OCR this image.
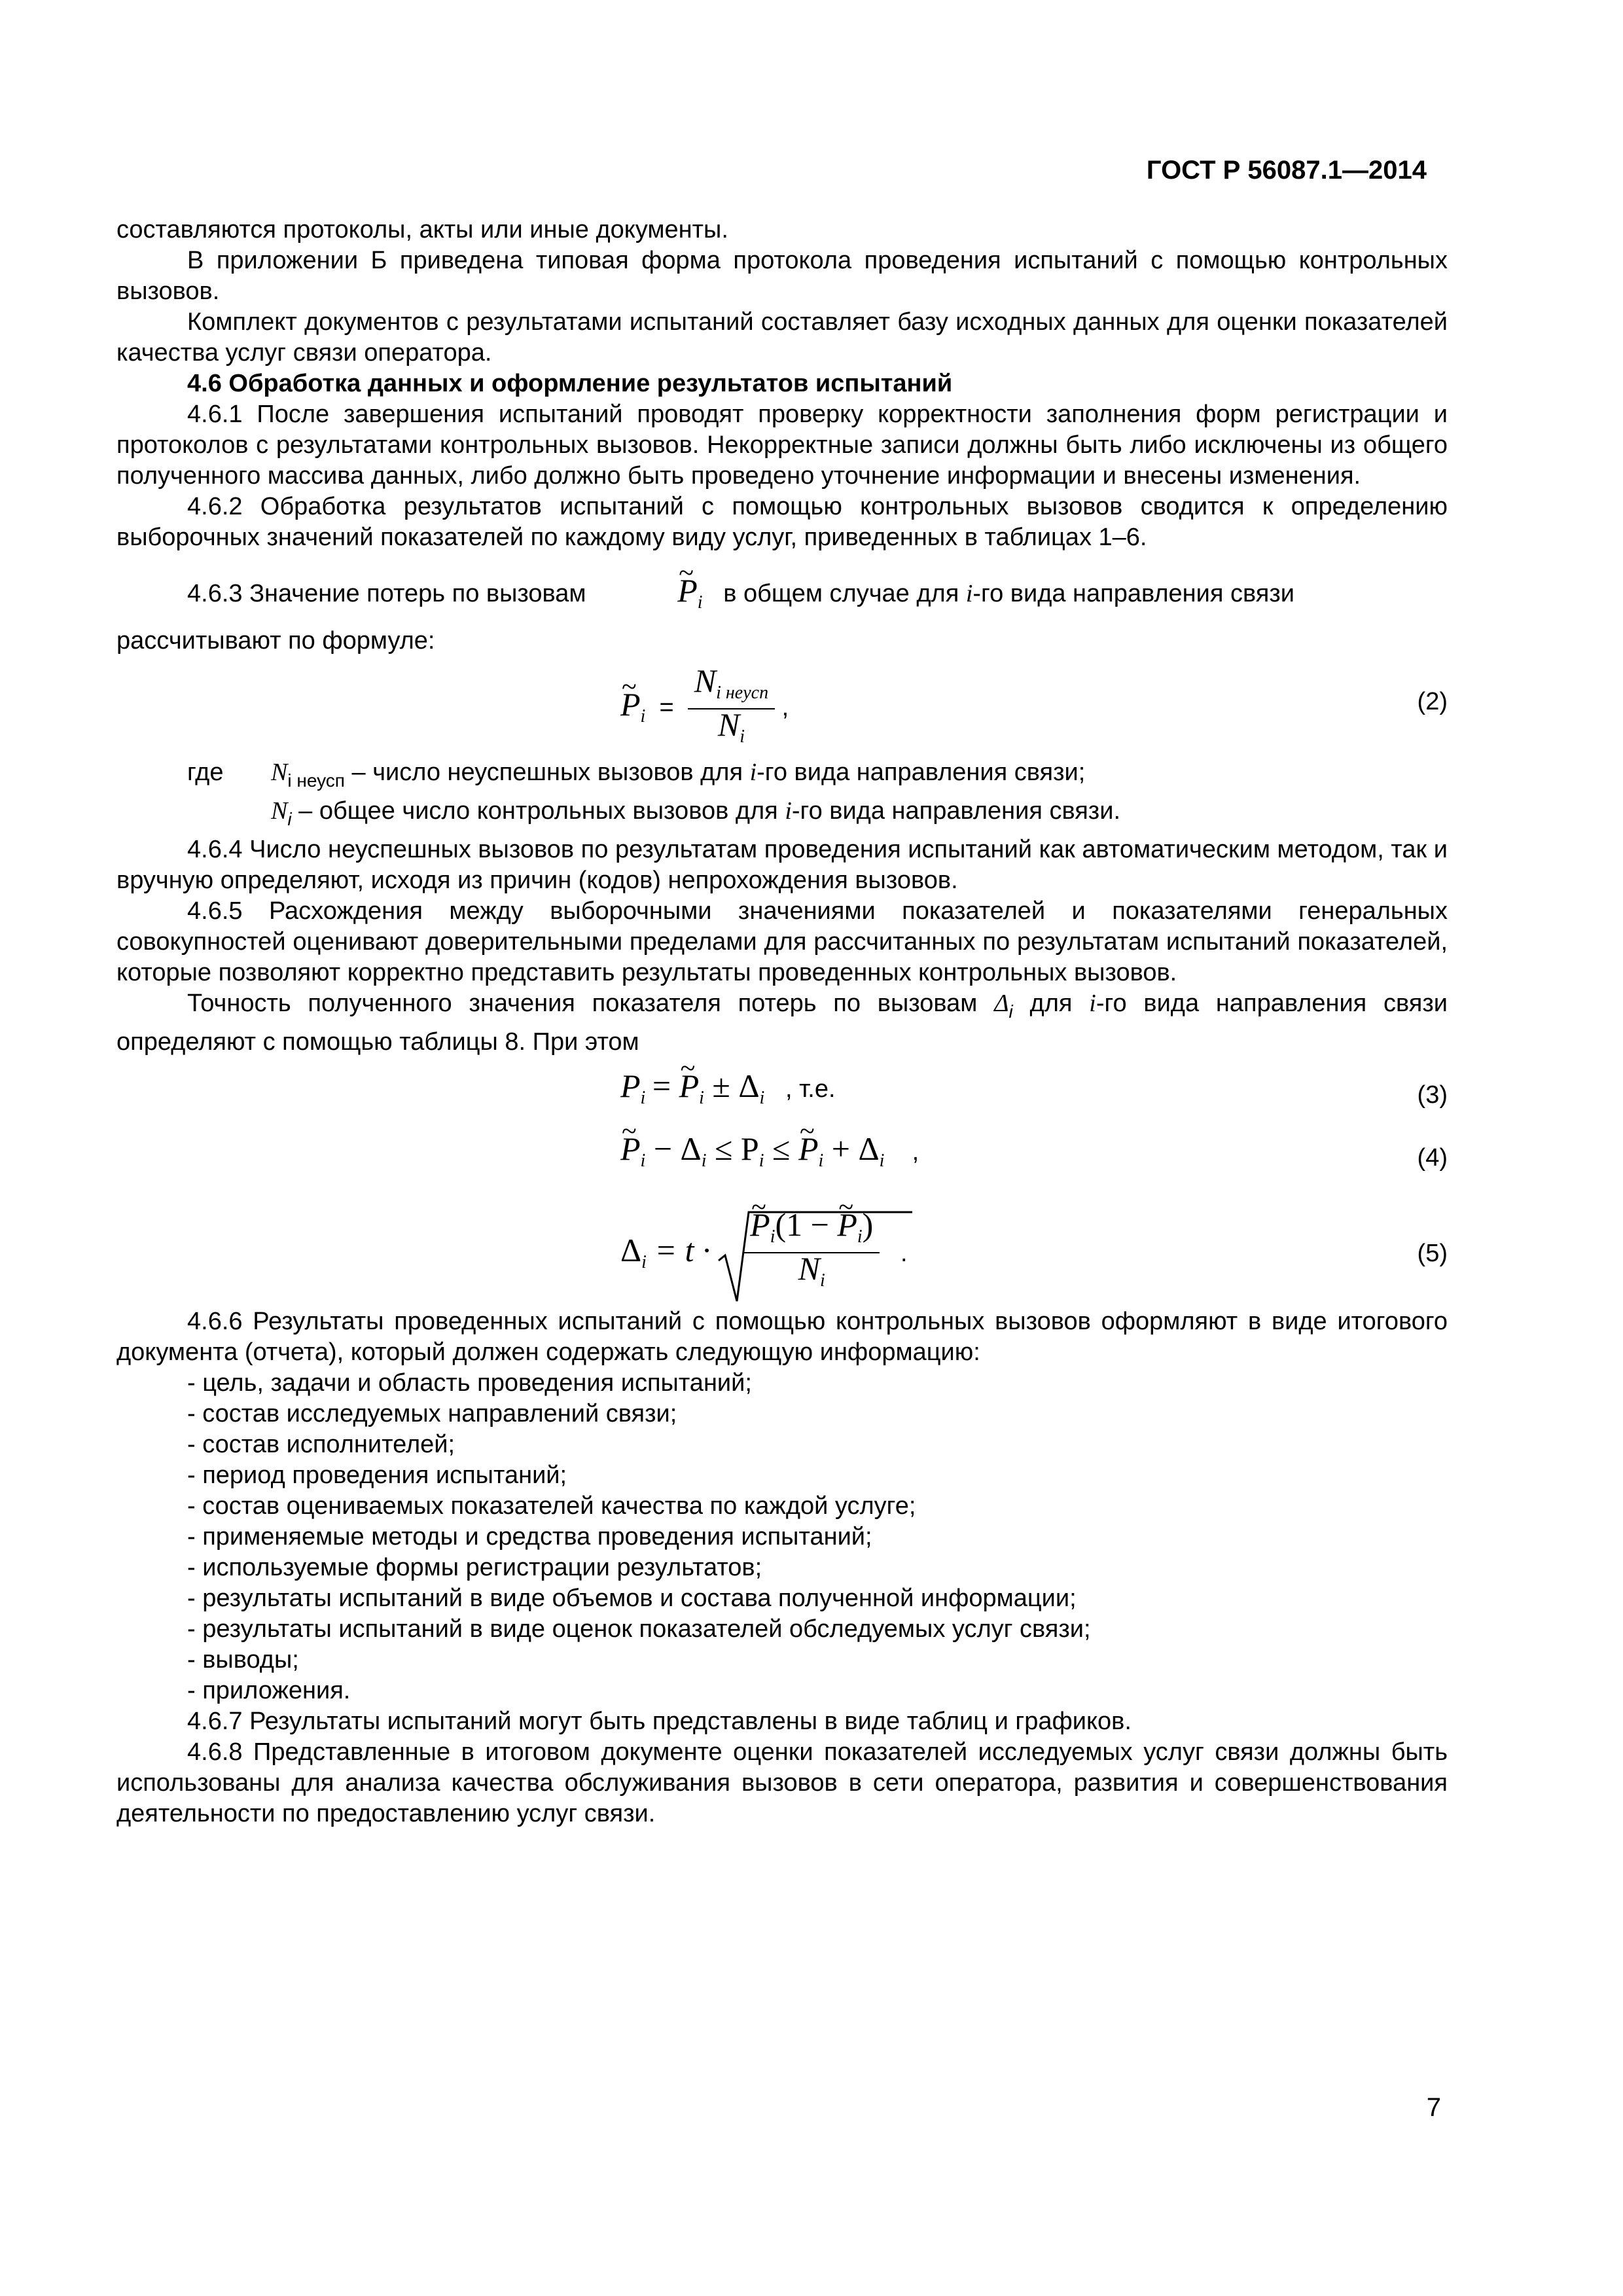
ГОСТ Р 56087.1—2014

составляются протоколы, акты или иные документы.

В приложении Б приведена типовая форма протокола проведения испытаний с помощью контрольных вызовов.

Комплект документов с результатами испытаний составляет базу исходных данных для оценки показателей качества услуг связи оператора.

4.6 Обработка данных и оформление результатов испытаний

4.6.1 После завершения испытаний проводят проверку корректности заполнения форм регистрации и протоколов с результатами контрольных вызовов. Некорректные записи должны быть либо исключены из общего полученного массива данных, либо должно быть проведено уточнение информации и внесены изменения.

4.6.2 Обработка результатов испытаний с помощью контрольных вызовов сводится к определению выборочных значений показателей по каждому виду услуг, приведенных в таблицах 1–6.

4.6.3 Значение потерь по вызовам	~ $P_i$ в общем случае для i-го вида направления связи

рассчитывают по формуле:

~ $P_i = \frac{N_{i неусп}}{N_i}$ ,	(2)

где $N_{i неусп}$ – число неуспешных вызовов для i-го вида направления связи;

$N_i$ – общее число контрольных вызовов для i-го вида направления связи.

4.6.4 Число неуспешных вызовов по результатам проведения испытаний как автоматическим методом, так и вручную определяют, исходя из причин (кодов) непрохождения вызовов.

4.6.5 Расхождения между выборочными значениями показателей и показателями генеральных совокупностей оценивают доверительными пределами для рассчитанных по результатам испытаний показателей, которые позволяют корректно представить результаты проведенных контрольных вызовов.

Точность полученного значения показателя потерь по вызовам $\Delta_i$ для i-го вида направления связи определяют с помощью таблицы 8. При этом

$P_i$ = ~ $P_i \pm \Delta_i$ , т.е.	(3)
~ $P_i - \Delta_i \le P_i$ ≤ ~ $P_i + \Delta_i$ ,	(4)
$\Delta_i = t$ · ~ $\frac{P_i(1 - \sim P_i)}{N_i}$ .	(5)

4.6.6 Результаты проведенных испытаний с помощью контрольных вызовов оформляют в виде итогового документа (отчета), который должен содержать следующую информацию:

- цель, задачи и область проведения испытаний;

- состав исследуемых направлений связи;

- состав исполнителей;

- период проведения испытаний;

- состав оцениваемых показателей качества по каждой услуге;

- применяемые методы и средства проведения испытаний;

- используемые формы регистрации результатов;

- результаты испытаний в виде объемов и состава полученной информации;

- результаты испытаний в виде оценок показателей обследуемых услуг связи;

- выводы;

- приложения.

4.6.7 Результаты испытаний могут быть представлены в виде таблиц и графиков.

4.6.8 Представленные в итоговом документе оценки показателей исследуемых услуг связи должны быть использованы для анализа качества обслуживания вызовов в сети оператора, развития и совершенствования деятельности по предоставлению услуг связи.

7
